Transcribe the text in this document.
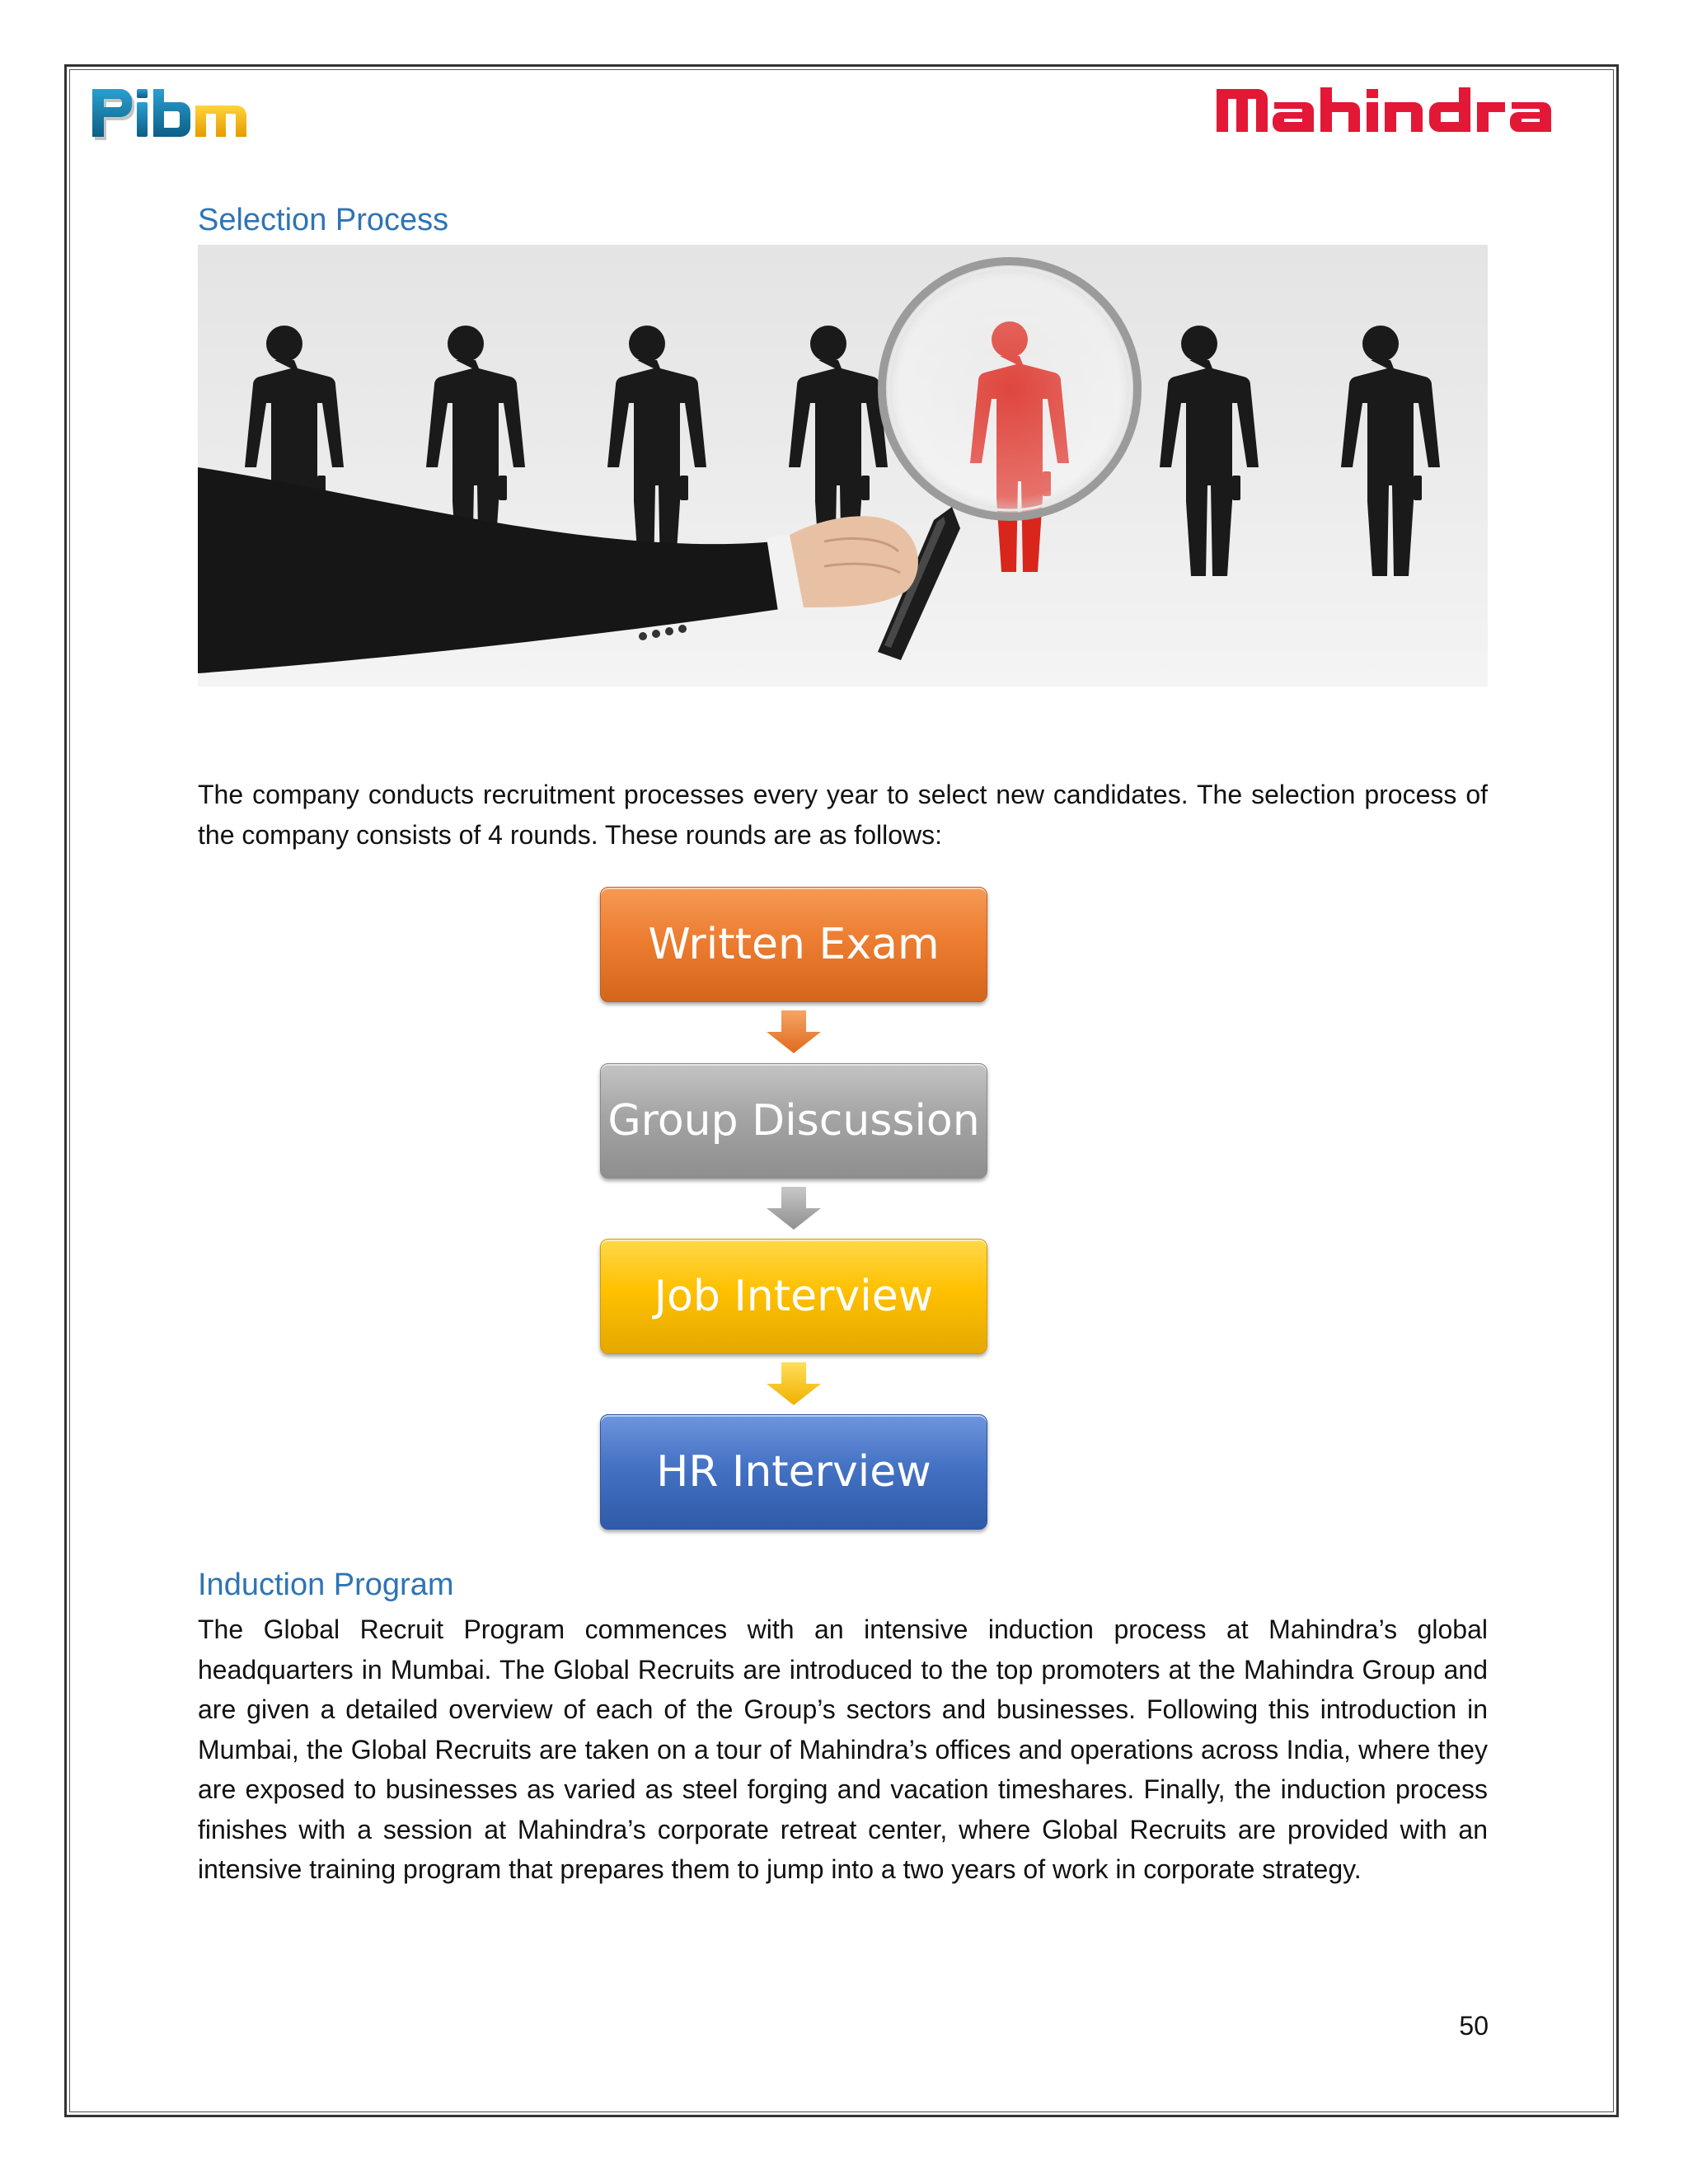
Selection Process
The company conducts recruitment processes every year to select new candidates. The selection process of the company consists of 4 rounds. These rounds are as follows:
Written Exam
Group Discussion
Job Interview
HR Interview
Induction Program
The Global Recruit Program commences with an intensive induction process at Mahindra’s global headquarters in Mumbai. The Global Recruits are introduced to the top promoters at the Mahindra Group and are given a detailed overview of each of the Group’s sectors and businesses. Following this introduction in Mumbai, the Global Recruits are taken on a tour of Mahindra’s offices and operations across India, where they are exposed to businesses as varied as steel forging and vacation timeshares. Finally, the induction process finishes with a session at Mahindra’s corporate retreat center, where Global Recruits are provided with an intensive training program that prepares them to jump into a two years of work in corporate strategy.
50
